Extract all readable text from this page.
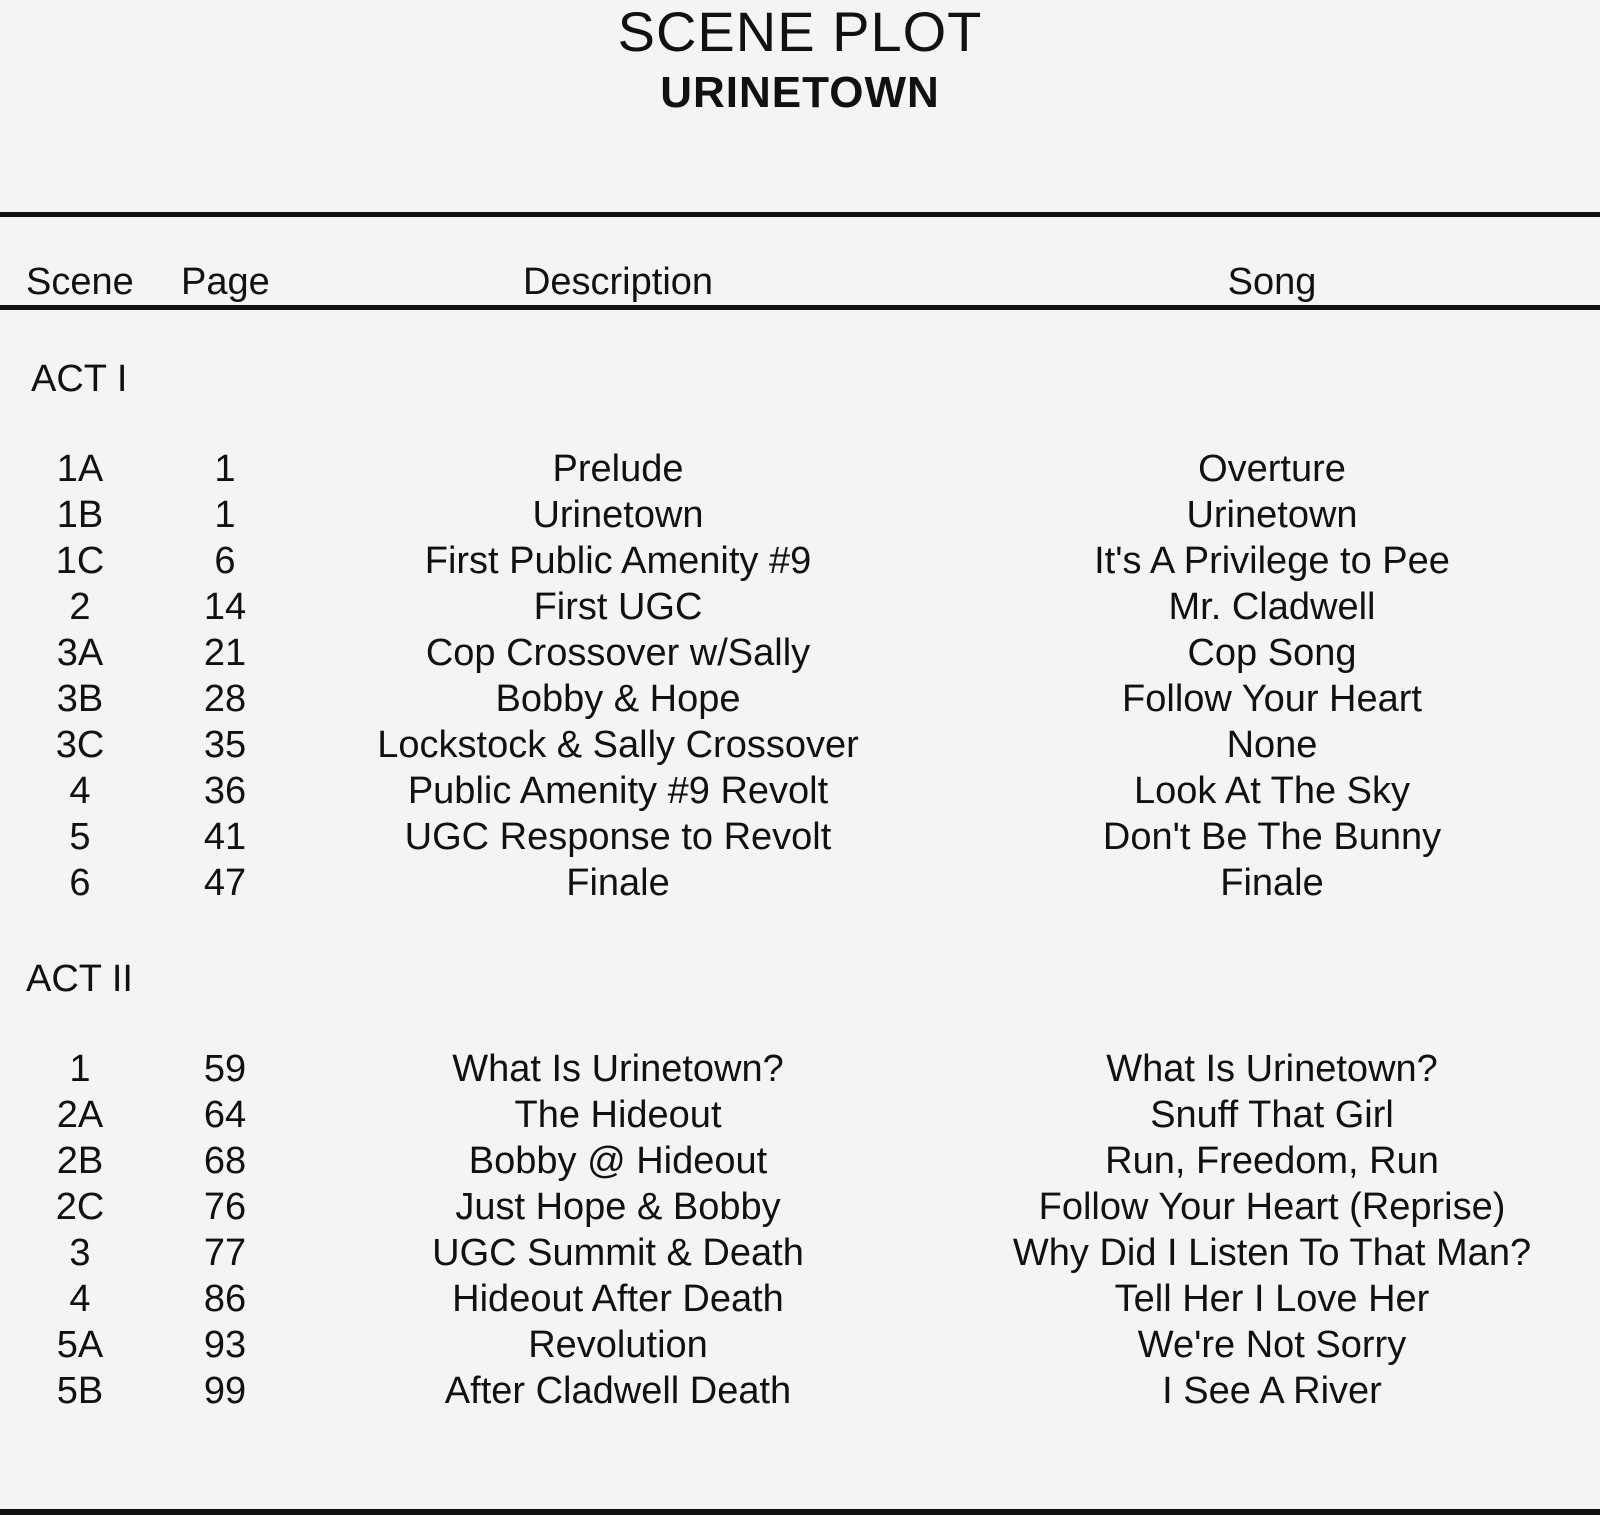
SCENE PLOT
URINETOWN
Scene Page	Description	Song
ACT I
1A	1	Prelude	Overture
1B	1	Urinetown	Urinetown
1C	6	First Public Amenity #9	It's A Privilege to Pee
2	14	First UGC	Mr. Cladwell
3A	21	Cop Crossover w/Sally	Cop Song
3B	28	Bobby & Hope	Follow Your Heart
3C	35	Lockstock & Sally Crossover	None
4	36	Public Amenity #9 Revolt	Look At The Sky
5	41	UGC Response to Revolt	Don't Be The Bunny
6	47	Finale	Finale
ACT II
1	59	What Is Urinetown?	What Is Urinetown?
2A	64	The Hideout	Snuff That Girl
2B	68	Bobby @ Hideout	Run, Freedom, Run
2C	76	Just Hope & Bobby	Follow Your Heart (Reprise)
3	77	UGC Summit & Death	Why Did I Listen To That Man?
4	86	Hideout After Death	Tell Her I Love Her
5A	93	Revolution	We're Not Sorry
5B	99	After Cladwell Death	I See A River
